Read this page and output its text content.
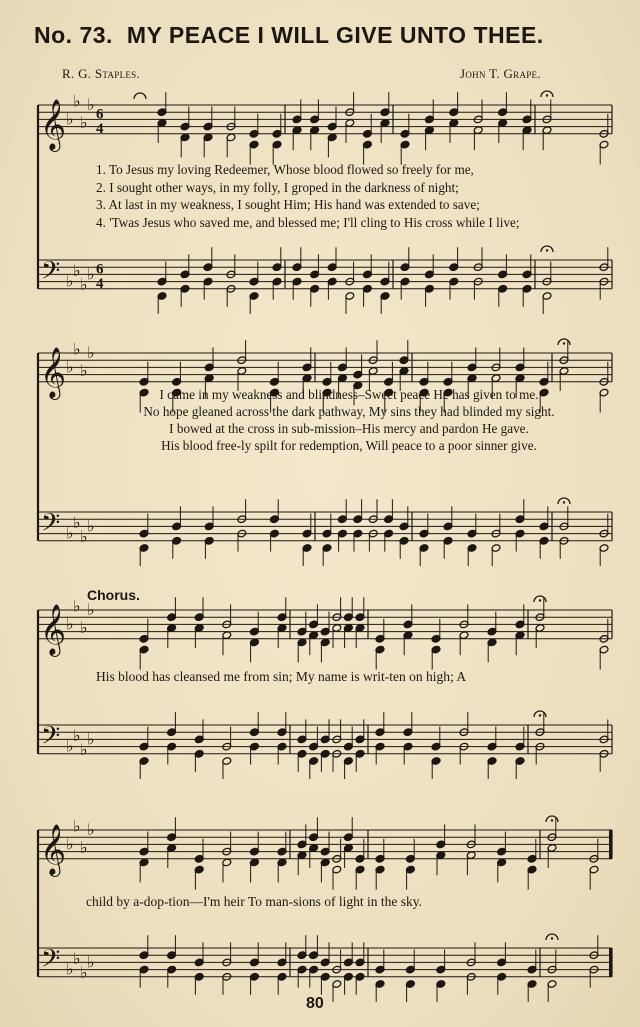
No. 73. MY PEACE I WILL GIVE UNTO THEE.
R. G. Staples.	John T. Grape.
𝄞
𝄢
♭
♭
♭
♭
♭
♭
♭
♭
6
4
6
4
1. To Jesus my loving Redeemer, Whose blood flowed so freely for me,
2. I sought other ways, in my folly, I groped in the darkness of night;
3. At last in my weakness, I sought Him; His hand was extended to save;
4. 'Twas Jesus who saved me, and blessed me; I'll cling to His cross while I live;
𝄞
𝄢
♭
♭
♭
♭
♭
♭
♭
♭
I came in my weakness and blindness–Sweet peace He has given to me.
No hope gleaned across the dark pathway, My sins they had blinded my sight.
I bowed at the cross in sub-mission–His mercy and pardon He gave.
His blood free-ly spilt for redemption, Will peace to a poor sinner give.
Chorus.
𝄞
𝄢
♭
♭
♭
♭
♭
♭
♭
♭
His blood has cleansed me from sin; My name is writ-ten on high; A
𝄞
𝄢
♭
♭
♭
♭
♭
♭
♭
♭
child by a-dop-tion—I'm heir To man-sions of light in the sky.
80
